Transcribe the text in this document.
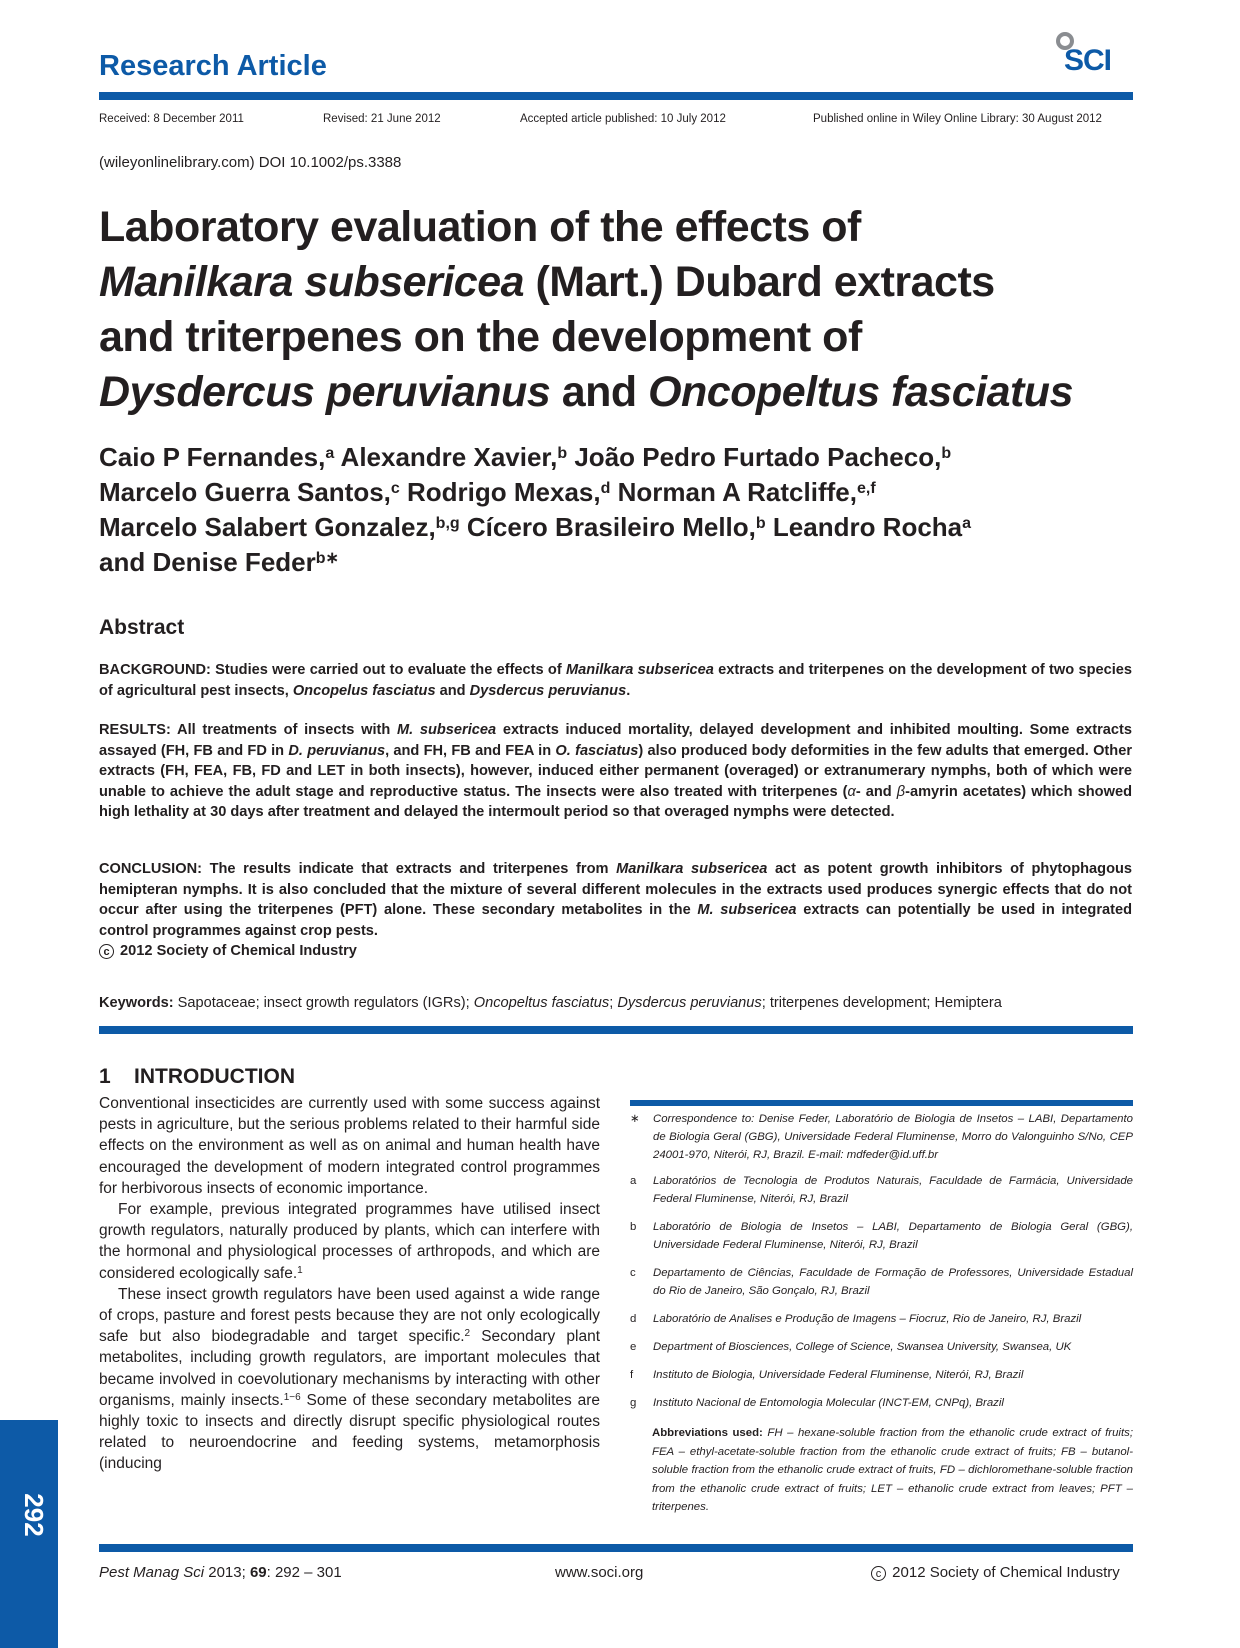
Research Article	SCI
Received: 8 December 2011	Revised: 21 June 2012	Accepted article published: 10 July 2012	Published online in Wiley Online Library: 30 August 2012
(wileyonlinelibrary.com) DOI 10.1002/ps.3388
Laboratory evaluation of the effects of
Manilkara subsericea (Mart.) Dubard extracts
and triterpenes on the development of
Dysdercus peruvianus and Oncopeltus fasciatus
Caio P Fernandes,$^a$ Alexandre Xavier,$^b$ João Pedro Furtado Pacheco,$^b$
Marcelo Guerra Santos,$^c$ Rodrigo Mexas,$^d$ Norman A Ratcliffe,$^{e,f}$
Marcelo Salabert Gonzalez,$^{b,g}$ Cícero Brasileiro Mello,$^b$ Leandro Rocha$^a$
and Denise Feder$^{b∗}$
Abstract
BACKGROUND: Studies were carried out to evaluate the effects of Manilkara subsericea extracts and triterpenes on the development of two species of agricultural pest insects, Oncopelus fasciatus and Dysdercus peruvianus.
RESULTS: All treatments of insects with M. subsericea extracts induced mortality, delayed development and inhibited moulting. Some extracts assayed (FH, FB and FD in D. peruvianus, and FH, FB and FEA in O. fasciatus) also produced body deformities in the few adults that emerged. Other extracts (FH, FEA, FB, FD and LET in both insects), however, induced either permanent (overaged) or extranumerary nymphs, both of which were unable to achieve the adult stage and reproductive status. The insects were also treated with triterpenes (α- and β-amyrin acetates) which showed high lethality at 30 days after treatment and delayed the intermoult period so that overaged nymphs were detected.
CONCLUSION: The results indicate that extracts and triterpenes from Manilkara subsericea act as potent growth inhibitors of phytophagous hemipteran nymphs. It is also concluded that the mixture of several different molecules in the extracts used produces synergic effects that do not occur after using the triterpenes (PFT) alone. These secondary metabolites in the M. subsericea extracts can potentially be used in integrated control programmes against crop pests.
c 2012 Society of Chemical Industry
Keywords: Sapotaceae; insect growth regulators (IGRs); Oncopeltus fasciatus; Dysdercus peruvianus; triterpenes development; Hemiptera
1    INTRODUCTION

Conventional insecticides are currently used with some success against pests in agriculture, but the serious problems related to their harmful side effects on the environment as well as on animal and human health have encouraged the development of modern integrated control programmes for herbivorous insects of economic importance.

For example, previous integrated programmes have utilised insect growth regulators, naturally produced by plants, which can interfere with the hormonal and physiological processes of arthropods, and which are considered ecologically safe.$^1$

These insect growth regulators have been used against a wide range of crops, pasture and forest pests because they are not only ecologically safe but also biodegradable and target specific.$^2$ Secondary plant metabolites, including growth regulators, are important molecules that became involved in coevolutionary mechanisms by interacting with other organisms, mainly insects.$^{1-6}$ Some of these secondary metabolites are highly toxic to insects and directly disrupt specific physiological routes related to neuroendocrine and feeding systems, metamorphosis (inducing

∗ Correspondence to: Denise Feder, Laboratório de Biologia de Insetos – LABI, Departamento de Biologia Geral (GBG), Universidade Federal Fluminense, Morro do Valonguinho S/No, CEP 24001-970, Niterói, RJ, Brazil. E-mail: mdfeder@id.uff.br
a Laboratórios de Tecnologia de Produtos Naturais, Faculdade de Farmácia, Universidade Federal Fluminense, Niterói, RJ, Brazil
b Laboratório de Biologia de Insetos – LABI, Departamento de Biologia Geral (GBG), Universidade Federal Fluminense, Niterói, RJ, Brazil
c Departamento de Ciências, Faculdade de Formação de Professores, Universidade Estadual do Rio de Janeiro, São Gonçalo, RJ, Brazil
d Laboratório de Analises e Produção de Imagens – Fiocruz, Rio de Janeiro, RJ, Brazil
e Department of Biosciences, College of Science, Swansea University, Swansea, UK
f Instituto de Biologia, Universidade Federal Fluminense, Niterói, RJ, Brazil
g Instituto Nacional de Entomologia Molecular (INCT-EM, CNPq), Brazil
Abbreviations used: FH – hexane-soluble fraction from the ethanolic crude extract of fruits; FEA – ethyl-acetate-soluble fraction from the ethanolic crude extract of fruits; FB – butanol-soluble fraction from the ethanolic crude extract of fruits, FD – dichloromethane-soluble fraction from the ethanolic crude extract of fruits; LET – ethanolic crude extract from leaves; PFT – triterpenes.
292
Pest Manag Sci 2013; 69: 292 – 301	www.soci.org	c 2012 Society of Chemical Industry
